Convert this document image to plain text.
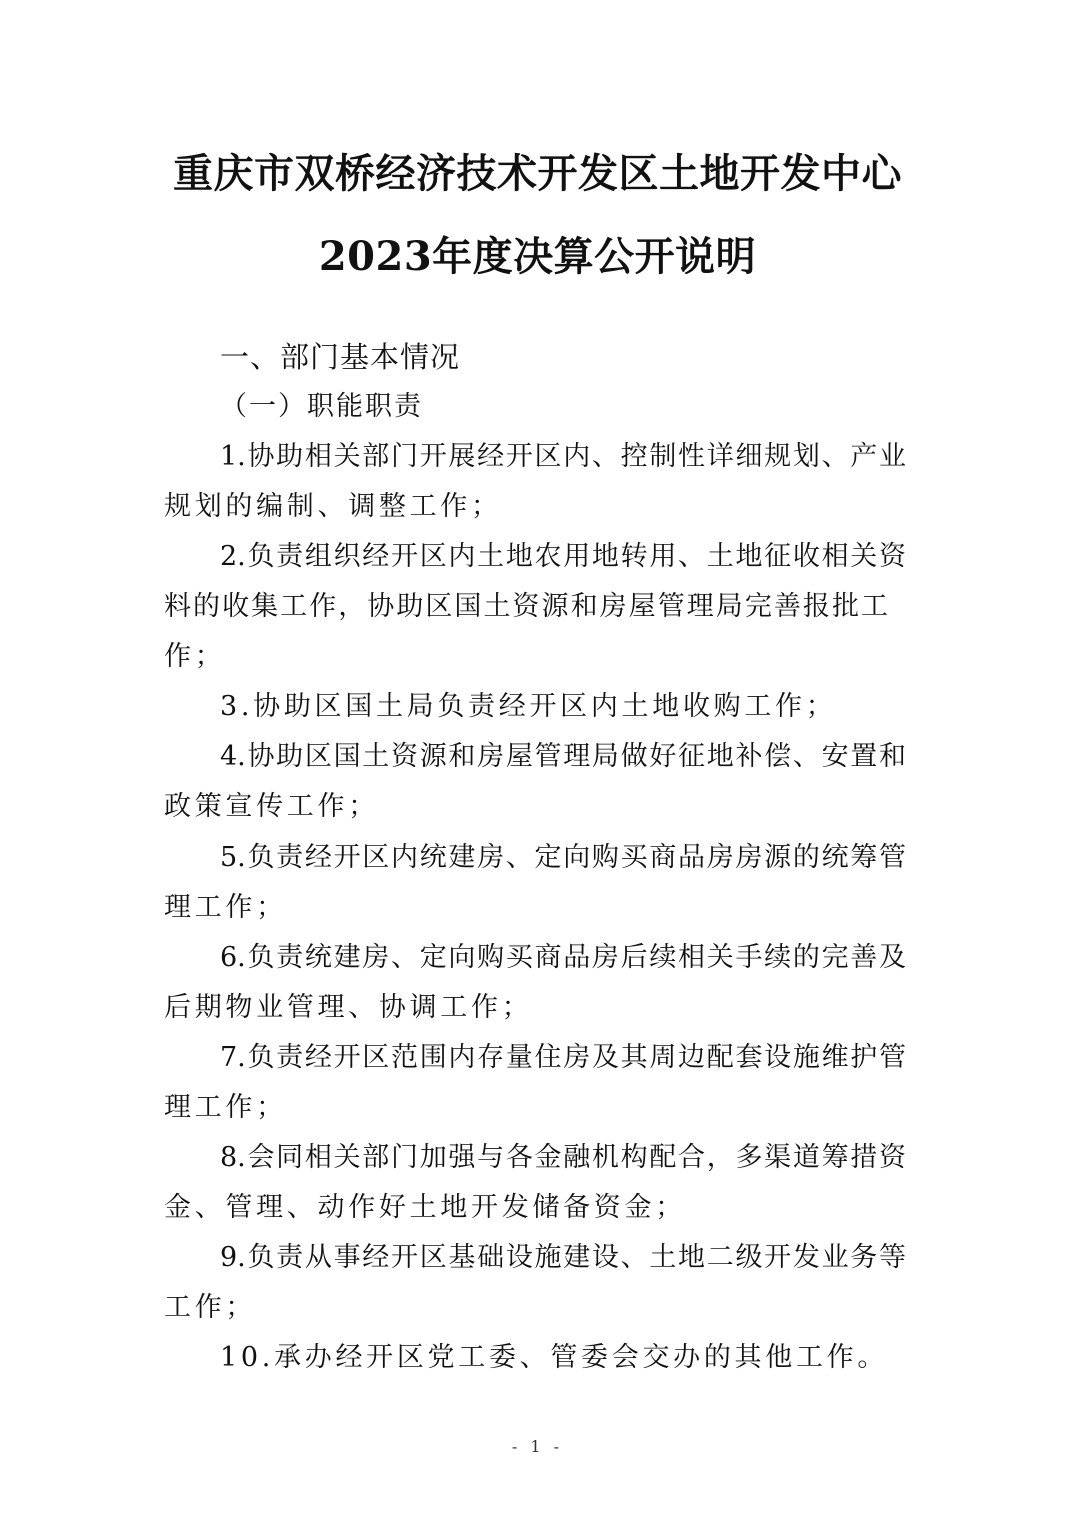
重庆市双桥经济技术开发区土地开发中心
2023年度决算公开说明
一、部门基本情况
（一）职能职责
1.协助相关部门开展经开区内、控制性详细规划、产业
规划的编制、调整工作；
2.负责组织经开区内土地农用地转用、土地征收相关资
料的收集工作，协助区国土资源和房屋管理局完善报批工
作；
3.协助区国土局负责经开区内土地收购工作；
4.协助区国土资源和房屋管理局做好征地补偿、安置和
政策宣传工作；
5.负责经开区内统建房、定向购买商品房房源的统筹管
理工作；
6.负责统建房、定向购买商品房后续相关手续的完善及
后期物业管理、协调工作；
7.负责经开区范围内存量住房及其周边配套设施维护管
理工作；
8.会同相关部门加强与各金融机构配合，多渠道筹措资
金、管理、动作好土地开发储备资金；
9.负责从事经开区基础设施建设、土地二级开发业务等
工作；
10.承办经开区党工委、管委会交办的其他工作。
- 1 -
